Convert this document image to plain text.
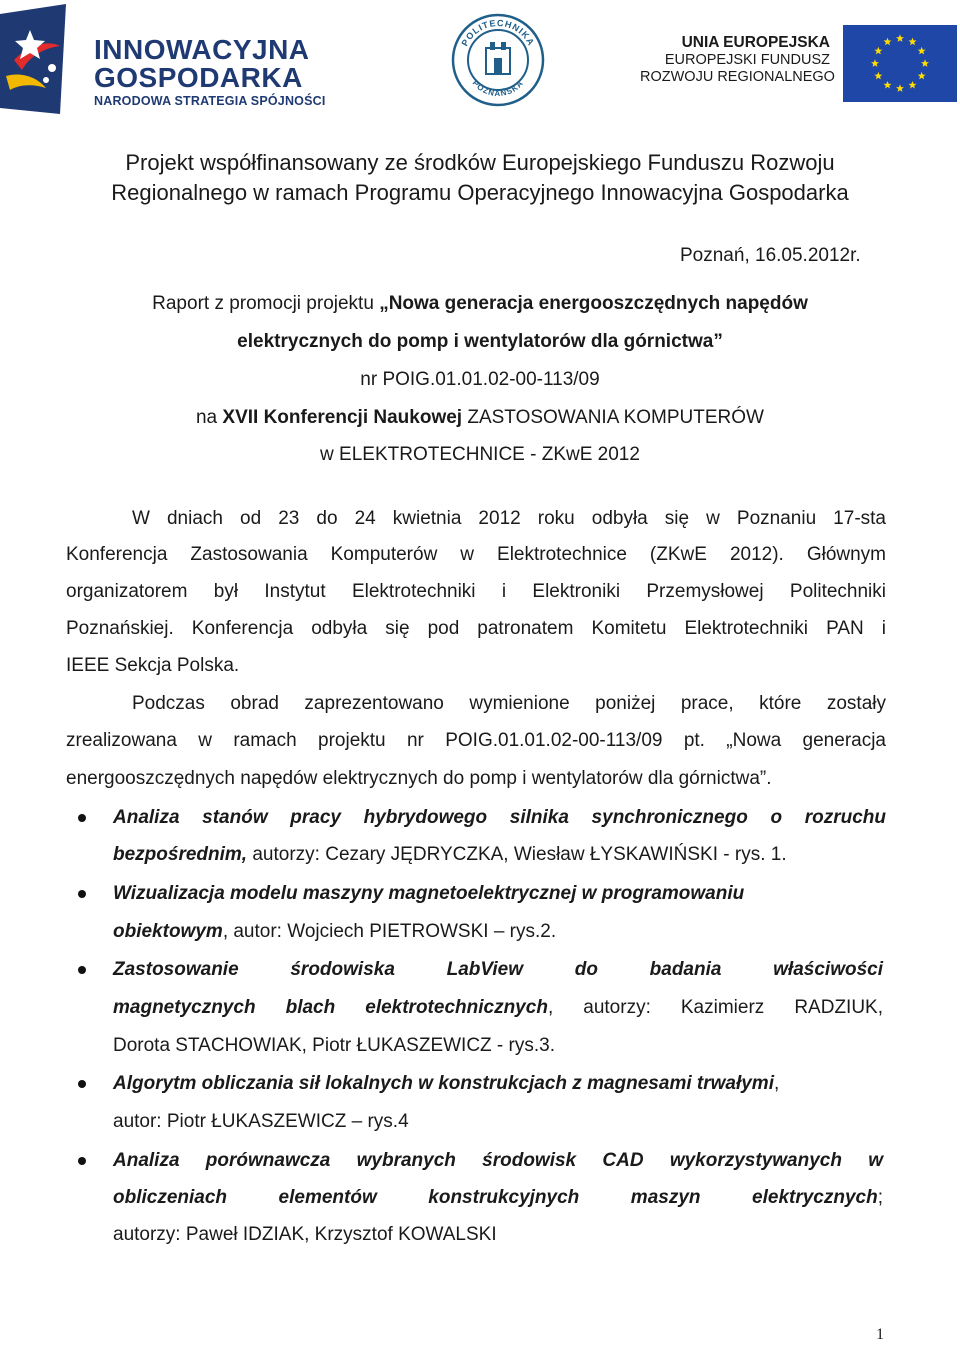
INNOWACYJNA
GOSPODARKA
NARODOWA STRATEGIA SPÓJNOŚCI
POLITECHNIKA
POZNAŃSKA
UNIA EUROPEJSKA
EUROPEJSKI FUNDUSZ
ROZWOJU REGIONALNEGO
Projekt współfinansowany ze środków Europejskiego Funduszu Rozwoju
Regionalnego w ramach Programu Operacyjnego Innowacyjna Gospodarka
Poznań, 16.05.2012r.
Raport z promocji projektu „Nowa generacja energooszczędnych napędów
elektrycznych do pomp i wentylatorów dla górnictwa”
nr POIG.01.01.02-00-113/09
na XVII Konferencji Naukowej ZASTOSOWANIA KOMPUTERÓW
w ELEKTROTECHNICE - ZKwE 2012
W dniach od 23 do 24 kwietnia 2012 roku odbyła się w Poznaniu 17-sta
Konferencja Zastosowania Komputerów w Elektrotechnice (ZKwE 2012). Głównym
organizatorem był Instytut Elektrotechniki i Elektroniki Przemysłowej Politechniki
Poznańskiej. Konferencja odbyła się pod patronatem Komitetu Elektrotechniki PAN i
IEEE Sekcja Polska.
Podczas obrad zaprezentowano wymienione poniżej prace, które zostały
zrealizowana w ramach projektu nr POIG.01.01.02-00-113/09 pt. „Nowa generacja
energooszczędnych napędów elektrycznych do pomp i wentylatorów dla górnictwa”.
Analiza stanów pracy hybrydowego silnika synchronicznego o rozruchu
bezpośrednim, autorzy: Cezary JĘDRYCZKA, Wiesław ŁYSKAWIŃSKI - rys. 1.
Wizualizacja modelu maszyny magnetoelektrycznej w programowaniu
obiektowym, autor: Wojciech PIETROWSKI – rys.2.
Zastosowanie środowiska LabView do badania właściwości
magnetycznych blach elektrotechnicznych, autorzy: Kazimierz RADZIUK,
Dorota STACHOWIAK, Piotr ŁUKASZEWICZ - rys.3.
Algorytm obliczania sił lokalnych w konstrukcjach z magnesami trwałymi,
autor: Piotr ŁUKASZEWICZ – rys.4
Analiza porównawcza wybranych środowisk CAD wykorzystywanych w
obliczeniach elementów konstrukcyjnych maszyn elektrycznych;
autorzy: Paweł IDZIAK, Krzysztof KOWALSKI
1
